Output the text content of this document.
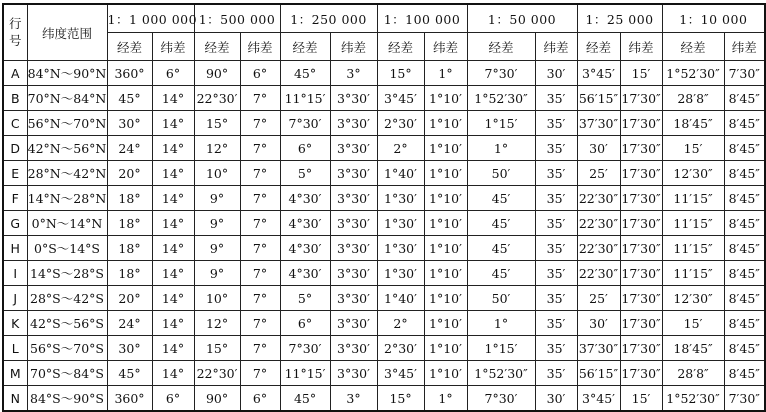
行号	纬度范围	1：1 000 000		1：500 000		1：250 000		1：100 000		1：50 000		1：25 000		1：10 000	
		经差	纬差	经差	纬差	经差	纬差	经差	纬差	经差	纬差	经差	纬差	经差	纬差
A	84°N～90°N	360°	6°	90°	6°	45°	3°	15°	1°	7°30′	30′	3°45′	15′	1°52′30″	7′30″
B	70°N～84°N	45°	14°	22°30′	7°	11°15′	3°30′	3°45′	1°10′	1°52′30″	35′	56′15″	17′30″	28′8″	8′45″
C	56°N～70°N	30°	14°	15°	7°	7°30′	3°30′	2°30′	1°10′	1°15′	35′	37′30″	17′30″	18′45″	8′45″
D	42°N～56°N	24°	14°	12°	7°	6°	3°30′	2°	1°10′	1°	35′	30′	17′30″	15′	8′45″
E	28°N～42°N	20°	14°	10°	7°	5°	3°30′	1°40′	1°10′	50′	35′	25′	17′30″	12′30″	8′45″
F	14°N～28°N	18°	14°	9°	7°	4°30′	3°30′	1°30′	1°10′	45′	35′	22′30″	17′30″	11′15″	8′45″
G	0°N～14°N	18°	14°	9°	7°	4°30′	3°30′	1°30′	1°10′	45′	35′	22′30″	17′30″	11′15″	8′45″
H	0°S～14°S	18°	14°	9°	7°	4°30′	3°30′	1°30′	1°10′	45′	35′	22′30″	17′30″	11′15″	8′45″
I	14°S～28°S	18°	14°	9°	7°	4°30′	3°30′	1°30′	1°10′	45′	35′	22′30″	17′30″	11′15″	8′45″
J	28°S～42°S	20°	14°	10°	7°	5°	3°30′	1°40′	1°10′	50′	35′	25′	17′30″	12′30″	8′45″
K	42°S～56°S	24°	14°	12°	7°	6°	3°30′	2°	1°10′	1°	35′	30′	17′30″	15′	8′45″
L	56°S～70°S	30°	14°	15°	7°	7°30′	3°30′	2°30′	1°10′	1°15′	35′	37′30″	17′30″	18′45″	8′45″
M	70°S～84°S	45°	14°	22°30′	7°	11°15′	3°30′	3°45′	1°10′	1°52′30″	35′	56′15″	17′30″	28′8″	8′45″
N	84°S～90°S	360°	6°	90°	6°	45°	3°	15°	1°	7°30′	30′	3°45′	15′	1°52′30″	7′30″
